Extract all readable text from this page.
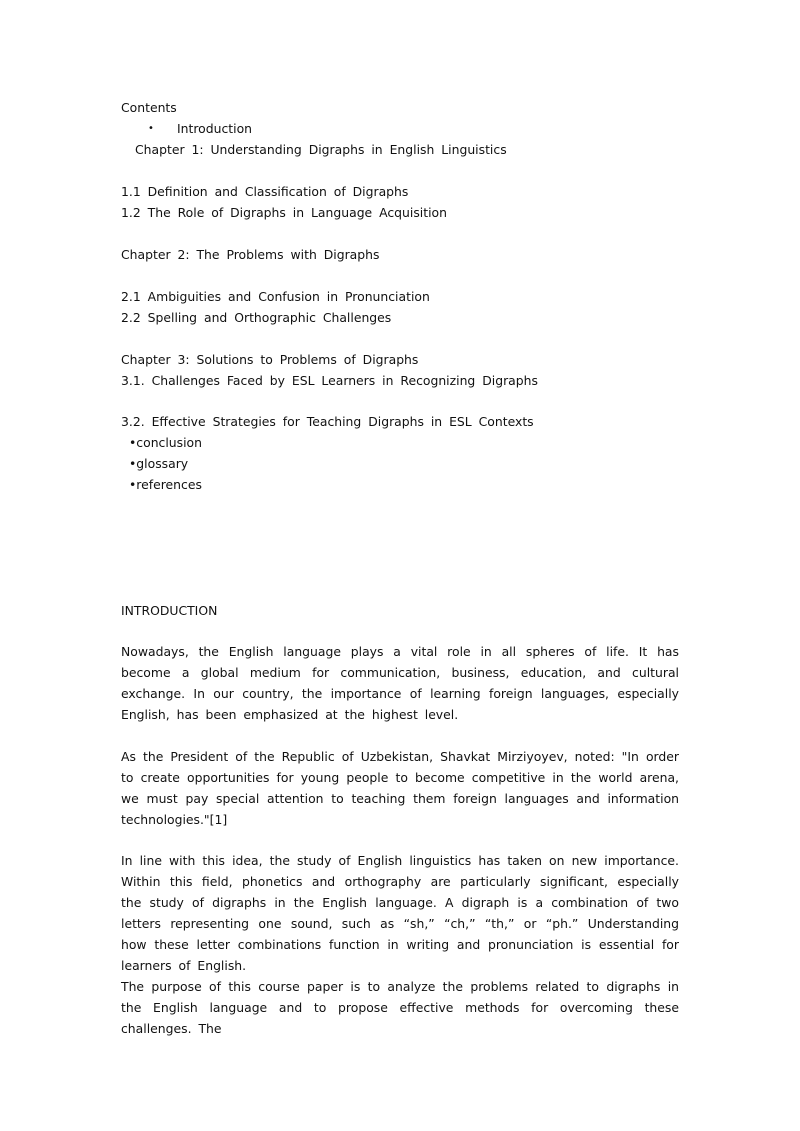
Contents
• Introduction
Chapter 1: Understanding Digraphs in English Linguistics
1.1 Definition and Classification of Digraphs
1.2 The Role of Digraphs in Language Acquisition
Chapter 2: The Problems with Digraphs
2.1 Ambiguities and Confusion in Pronunciation
2.2 Spelling and Orthographic Challenges
Chapter 3: Solutions to Problems of Digraphs
3.1. Challenges Faced by ESL Learners in Recognizing Digraphs
3.2. Effective Strategies for Teaching Digraphs in ESL Contexts
•conclusion
•glossary
•references
INTRODUCTION

Nowadays, the English language plays a vital role in all spheres of life. It has become a global medium for communication, business, education, and cultural exchange. In our country, the importance of learning foreign languages, especially English, has been emphasized at the highest level.

As the President of the Republic of Uzbekistan, Shavkat Mirziyoyev, noted: "In order to create opportunities for young people to become competitive in the world arena, we must pay special attention to teaching them foreign languages and information technologies."[1]

In line with this idea, the study of English linguistics has taken on new importance. Within this field, phonetics and orthography are particularly significant, especially the study of digraphs in the English language. A digraph is a combination of two letters representing one sound, such as “sh,” “ch,” “th,” or “ph.” Understanding how these letter combinations function in writing and pronunciation is essential for learners of English.

The purpose of this course paper is to analyze the problems related to digraphs in the English language and to propose effective methods for overcoming these challenges. The
